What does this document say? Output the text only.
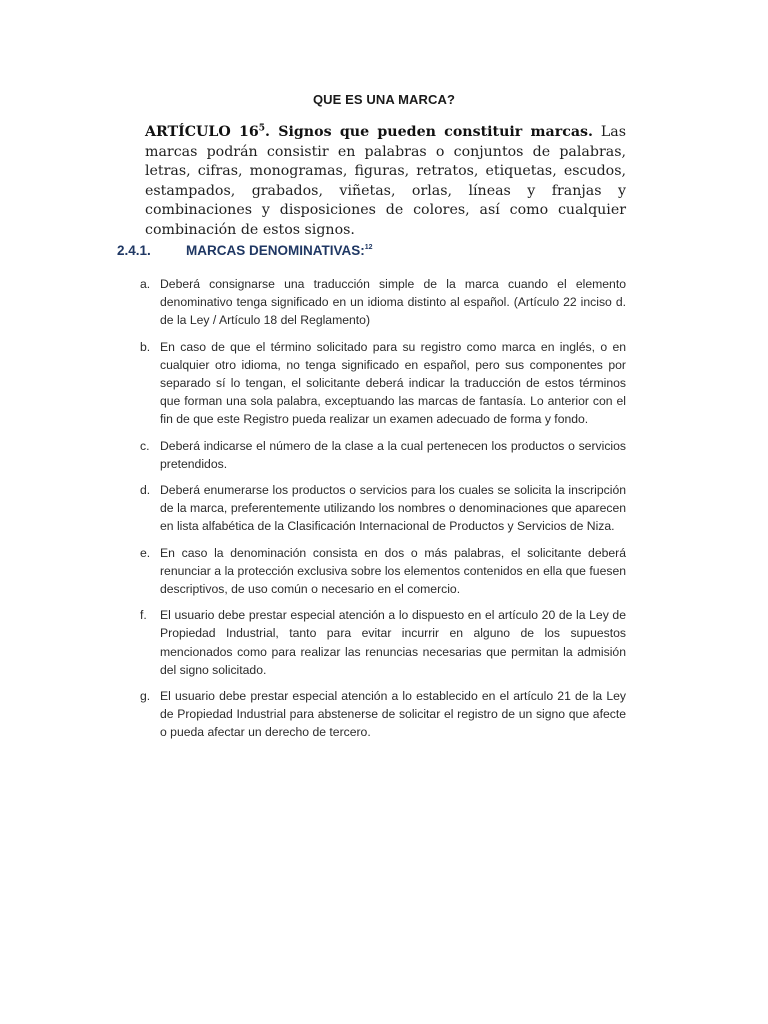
QUE ES UNA MARCA?
ARTÍCULO $16^5$. Signos que pueden constituir marcas. Las marcas podrán consistir en palabras o conjuntos de palabras, letras, cifras, monogramas, figuras, retratos, etiquetas, escudos, estampados, grabados, viñetas, orlas, líneas y franjas y combinaciones y disposiciones de colores, así como cualquier combinación de estos signos.
2.4.1.	MARCAS DENOMINATIVAS:$^{12}$
a. Deberá consignarse una traducción simple de la marca cuando el elemento denominativo tenga significado en un idioma distinto al español. (Artículo 22 inciso d. de la Ley / Artículo 18 del Reglamento)
b. En caso de que el término solicitado para su registro como marca en inglés, o en cualquier otro idioma, no tenga significado en español, pero sus componentes por separado sí lo tengan, el solicitante deberá indicar la traducción de estos términos que forman una sola palabra, exceptuando las marcas de fantasía. Lo anterior con el fin de que este Registro pueda realizar un examen adecuado de forma y fondo.
c. Deberá indicarse el número de la clase a la cual pertenecen los productos o servicios pretendidos.
d. Deberá enumerarse los productos o servicios para los cuales se solicita la inscripción de la marca, preferentemente utilizando los nombres o denominaciones que aparecen en lista alfabética de la Clasificación Internacional de Productos y Servicios de Niza.
e. En caso la denominación consista en dos o más palabras, el solicitante deberá renunciar a la protección exclusiva sobre los elementos contenidos en ella que fuesen descriptivos, de uso común o necesario en el comercio.
f.	El usuario debe prestar especial atención a lo dispuesto en el artículo 20 de la Ley de Propiedad Industrial, tanto para evitar incurrir en alguno de los supuestos mencionados como para realizar las renuncias necesarias que permitan la admisión del signo solicitado.
g. El usuario debe prestar especial atención a lo establecido en el artículo 21 de la Ley de Propiedad Industrial para abstenerse de solicitar el registro de un signo que afecte o pueda afectar un derecho de tercero.
